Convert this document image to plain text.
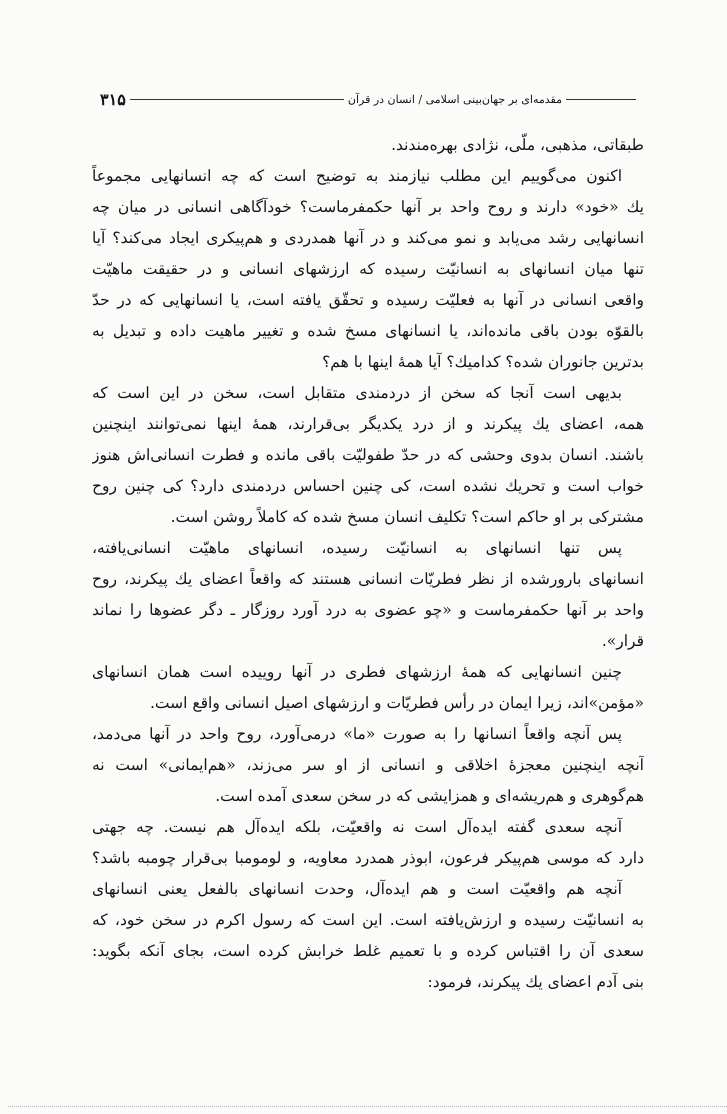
۳۱۵	مقدمه‌ای بر جهان‌بینی اسلامی / انسان در قرآن
طبقاتی، مذهبی، ملّی، نژادی بهره‌مندند.
اکنون می‌گوییم این مطلب نیازمند به توضیح است که چه انسانهایی مجموعاً
یك «خود» دارند و روح واحد بر آنها حکمفرماست؟ خودآگاهی انسانی در میان چه
انسانهایی رشد می‌یابد و نمو می‌کند و در آنها همدردی و هم‌پیکری ایجاد می‌کند؟ آیا
تنها میان انسانهای به انسانیّت رسیده که ارزشهای انسانی و در حقیقت ماهیّت
واقعی انسانی در آنها به فعلیّت رسیده و تحقّق یافته است، یا انسانهایی که در حدّ
بالقوّه بودن باقی مانده‌اند، یا انسانهای مسخ شده و تغییر ماهیت داده و تبدیل به
بدترین جانوران شده؟ کدامیك؟ آیا همهٔ اینها با هم؟
بدیهی است آنجا که سخن از دردمندی متقابل است، سخن در این است که
همه، اعضای یك پیکرند و از درد یکدیگر بی‌قرارند، همهٔ اینها نمی‌توانند اینچنین
باشند. انسان بدوی وحشی که در حدّ طفولیّت باقی مانده و فطرت انسانی‌اش هنوز
خواب است و تحریك نشده است، کی چنین احساس دردمندی دارد؟ کی چنین روح
مشترکی بر او حاکم است؟ تکلیف انسان مسخ شده که کاملاً روشن است.
پس تنها انسانهای به انسانیّت رسیده، انسانهای ماهیّت انسانی‌یافته،
انسانهای بارورشده از نظر فطریّات انسانی هستند که واقعاً اعضای یك پیکرند، روح
واحد بر آنها حکمفرماست و «چو عضوی به درد آورد روزگار ـ دگر عضوها را نماند
قرار».
چنین انسانهایی که همهٔ ارزشهای فطری در آنها روییده است همان انسانهای
«مؤمن»‌اند، زیرا ایمان در رأس فطریّات و ارزشهای اصیل انسانی واقع است.
پس آنچه واقعاً انسانها را به صورت «ما» درمی‌آورد، روح واحد در آنها می‌دمد،
آنچه اینچنین معجزهٔ اخلاقی و انسانی از او سر می‌زند، «هم‌ایمانی» است نه
هم‌گوهری و هم‌ریشه‌ای و همزایشی که در سخن سعدی آمده است.
آنچه سعدی گفته ایده‌آل است نه واقعیّت، بلکه ایده‌آل هم نیست. چه جهتی
دارد که موسی هم‌پیکر فرعون، ابوذر همدرد معاویه، و لومومبا بی‌قرار چومبه باشد؟
آنچه هم واقعیّت است و هم ایده‌آل، وحدت انسانهای بالفعل یعنی انسانهای
به انسانیّت رسیده و ارزش‌یافته است. این است که رسول اکرم در سخن خود، که
سعدی آن را اقتباس کرده و با تعمیم غلط خرابش کرده است، بجای آنکه بگوید:
بنی آدم اعضای یك پیکرند، فرمود:
